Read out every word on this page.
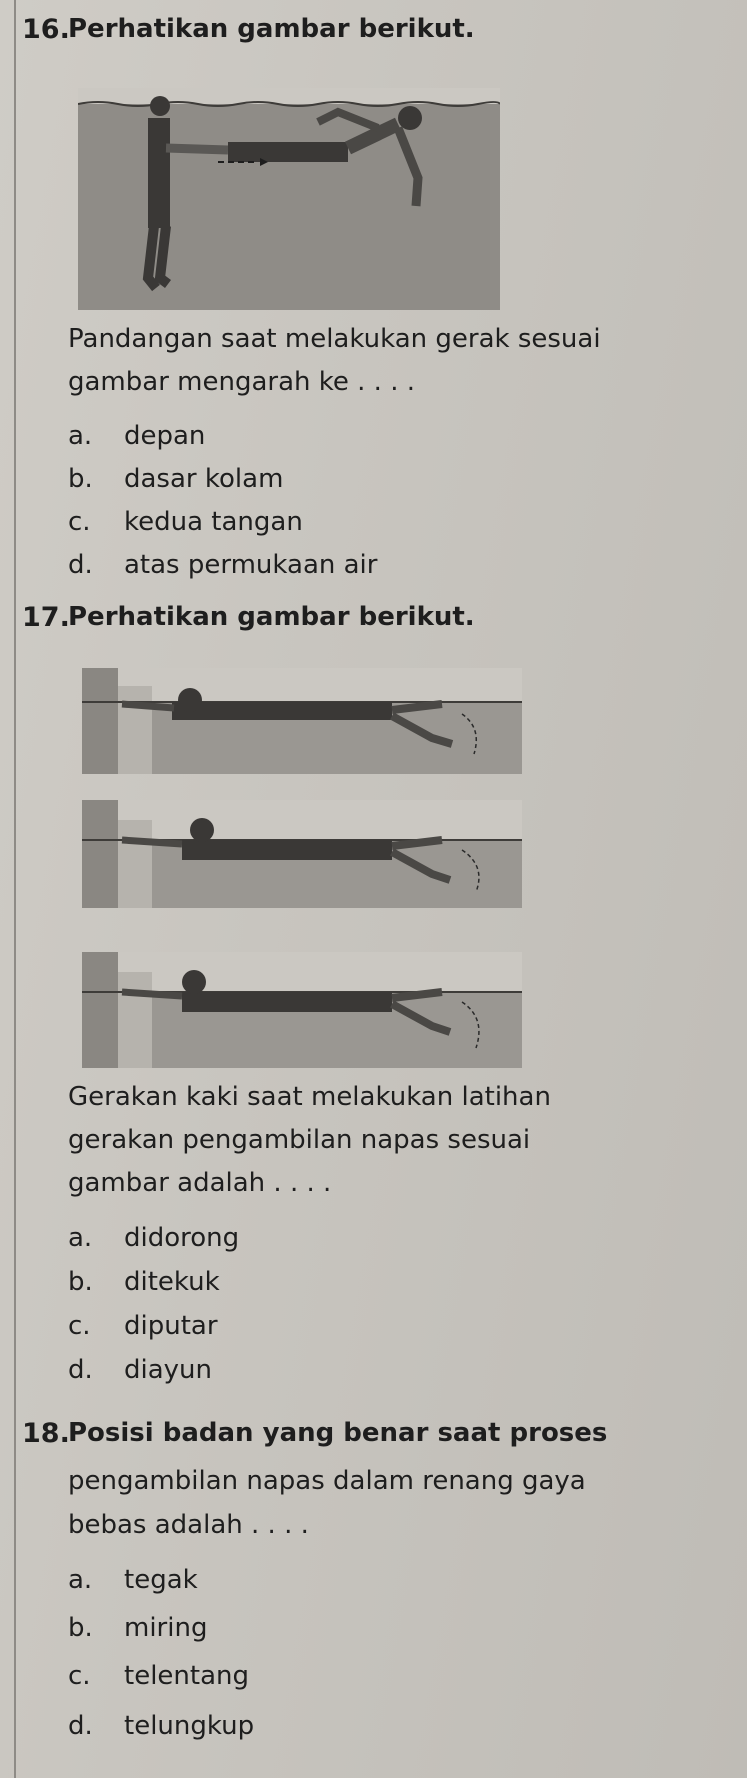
16.
Perhatikan gambar berikut.
Pandangan saat melakukan gerak sesuai
gambar mengarah ke . . . .
a. depan
b. dasar kolam
c. kedua tangan
d. atas permukaan air
17.
Perhatikan gambar berikut.
Gerakan kaki saat melakukan latihan
gerakan pengambilan napas sesuai
gambar adalah . . . .
a. didorong
b. ditekuk
c. diputar
d. diayun
18.
Posisi badan yang benar saat proses
pengambilan napas dalam renang gaya
bebas adalah . . . .
a. tegak
b. miring
c. telentang
d. telungkup
